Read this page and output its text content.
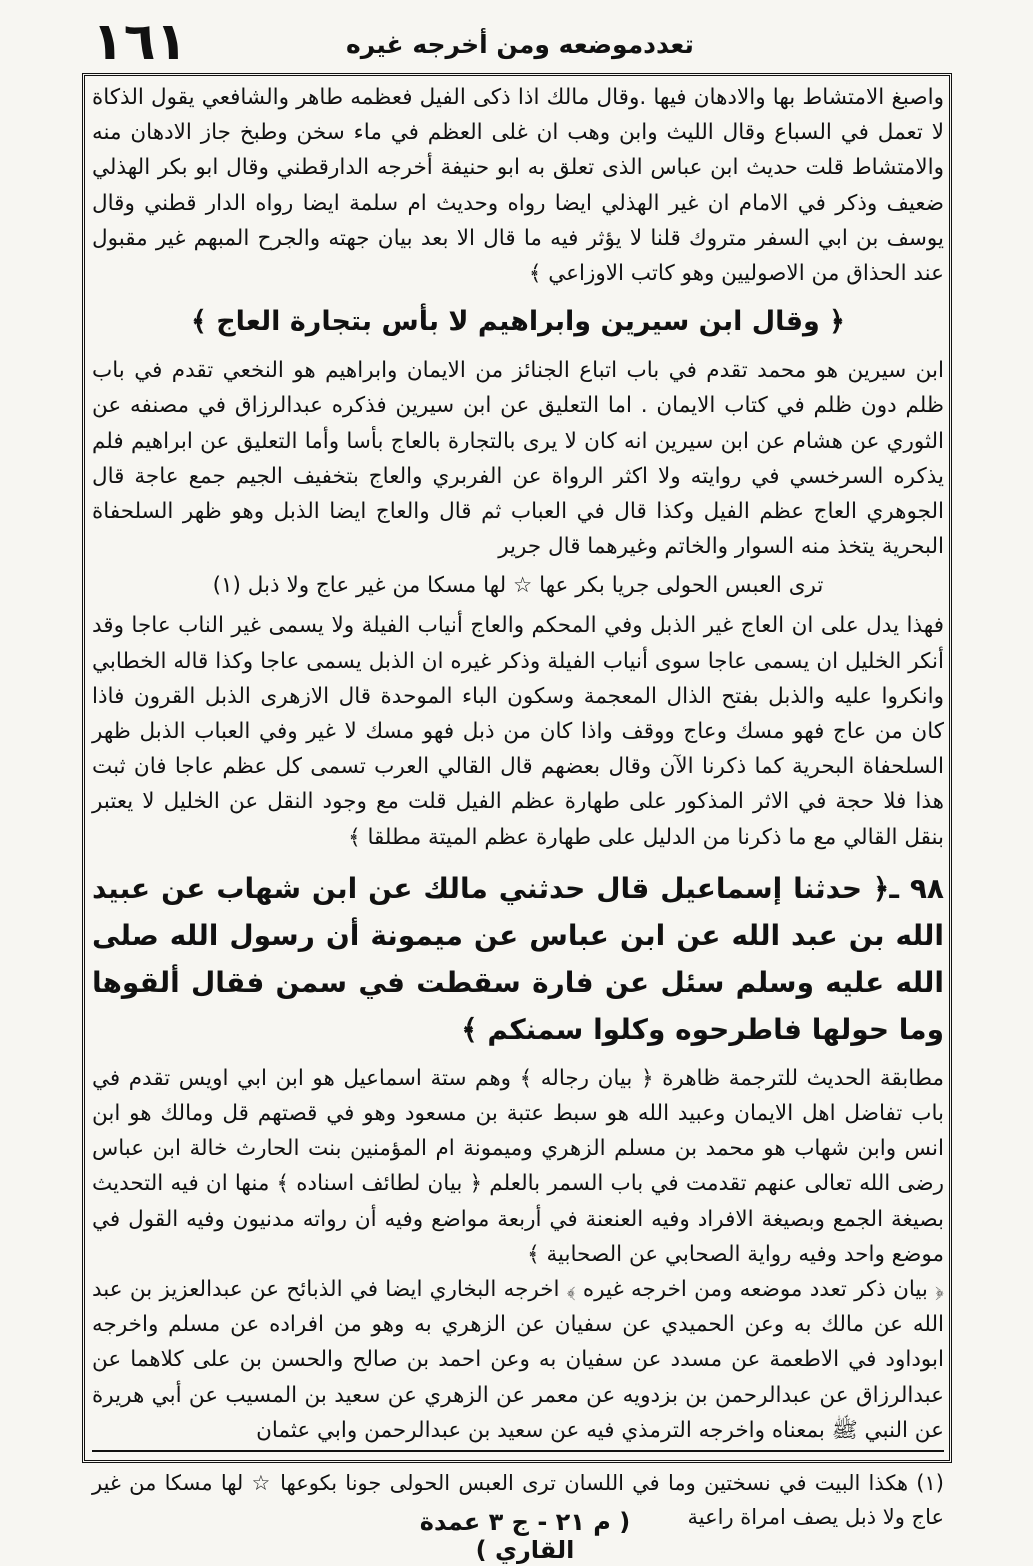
١٦١	تعددموضعه ومن أخرجه غيره

واصبغ الامتشاط بها والادهان فيها .وقال مالك اذا ذكى الفيل فعظمه طاهر والشافعي يقول الذكاة لا تعمل في السباع وقال الليث وابن وهب ان غلى العظم في ماء سخن وطبخ جاز الادهان منه والامتشاط قلت حديث ابن عباس الذى تعلق به ابو حنيفة أخرجه الدارقطني وقال ابو بكر الهذلي ضعيف وذكر في الامام ان غير الهذلي ايضا رواه وحديث ام سلمة ايضا رواه الدار قطني وقال يوسف بن ابي السفر متروك قلنا لا يؤثر فيه ما قال الا بعد بيان جهته والجرح المبهم غير مقبول عند الحذاق من الاصوليين وهو كاتب الاوزاعي ﴾

﴿ وقال ابن سيرين وابراهيم لا بأس بتجارة العاج ﴾

ابن سيرين هو محمد تقدم في باب اتباع الجنائز من الايمان وابراهيم هو النخعي تقدم في باب ظلم دون ظلم في كتاب الايمان . اما التعليق عن ابن سيرين فذكره عبدالرزاق في مصنفه عن الثوري عن هشام عن ابن سيرين انه كان لا يرى بالتجارة بالعاج بأسا وأما التعليق عن ابراهيم فلم يذكره السرخسي في روايته ولا اكثر الرواة عن الفربري والعاج بتخفيف الجيم جمع عاجة قال الجوهري العاج عظم الفيل وكذا قال في العباب ثم قال والعاج ايضا الذبل وهو ظهر السلحفاة البحرية يتخذ منه السوار والخاتم وغيرهما قال جرير

ترى العبس الحولى جريا بكر عها ☆ لها مسكا من غير عاج ولا ذبل (١)

فهذا يدل على ان العاج غير الذبل وفي المحكم والعاج أنياب الفيلة ولا يسمى غير الناب عاجا وقد أنكر الخليل ان يسمى عاجا سوى أنياب الفيلة وذكر غيره ان الذبل يسمى عاجا وكذا قاله الخطابي وانكروا عليه والذبل بفتح الذال المعجمة وسكون الباء الموحدة قال الازهرى الذبل القرون فاذا كان من عاج فهو مسك وعاج ووقف واذا كان من ذبل فهو مسك لا غير وفي العباب الذبل ظهر السلحفاة البحرية كما ذكرنا الآن وقال بعضهم قال القالي العرب تسمى كل عظم عاجا فان ثبت هذا فلا حجة في الاثر المذكور على طهارة عظم الفيل قلت مع وجود النقل عن الخليل لا يعتبر بنقل القالي مع ما ذكرنا من الدليل على طهارة عظم الميتة مطلقا ﴾

٩٨ ـ﴿ حدثنا إسماعيل قال حدثني مالك عن ابن شهاب عن عبيد الله بن عبد الله عن ابن عباس عن ميمونة أن رسول الله صلى الله عليه وسلم سئل عن فارة سقطت في سمن فقال ألقوها وما حولها فاطرحوه وكلوا سمنكم ﴾

مطابقة الحديث للترجمة ظاهرة ﴿ بيان رجاله ﴾ وهم ستة اسماعيل هو ابن ابي اويس تقدم في باب تفاضل اهل الايمان وعبيد الله هو سبط عتبة بن مسعود وهو في قصتهم قل ومالك هو ابن انس وابن شهاب هو محمد بن مسلم الزهري وميمونة ام المؤمنين بنت الحارث خالة ابن عباس رضى الله تعالى عنهم تقدمت في باب السمر بالعلم ﴿ بيان لطائف اسناده ﴾ منها ان فيه التحديث بصيغة الجمع وبصيغة الافراد وفيه العنعنة في أربعة مواضع وفيه أن رواته مدنيون وفيه القول في موضع واحد وفيه رواية الصحابي عن الصحابية ﴾

﴿ بيان ذكر تعدد موضعه ومن اخرجه غيره ﴾ اخرجه البخاري ايضا في الذبائح عن عبدالعزيز بن عبد الله عن مالك به وعن الحميدي عن سفيان عن الزهري به وهو من افراده عن مسلم واخرجه ابوداود في الاطعمة عن مسدد عن سفيان به وعن احمد بن صالح والحسن بن على كلاهما عن عبدالرزاق عن عبدالرحمن بن بزدويه عن معمر عن الزهري عن سعيد بن المسيب عن أبي هريرة عن النبي ﷺ بمعناه واخرجه الترمذي فيه عن سعيد بن عبدالرحمن وابي عثمان

(١) هكذا البيت في نسختين وما في اللسان ترى العبس الحولى جونا بكوعها ☆ لها مسكا من غير عاج ولا ذبل يصف امراة راعية

( م ٢١ - ج ٣ عمدة القاري )
